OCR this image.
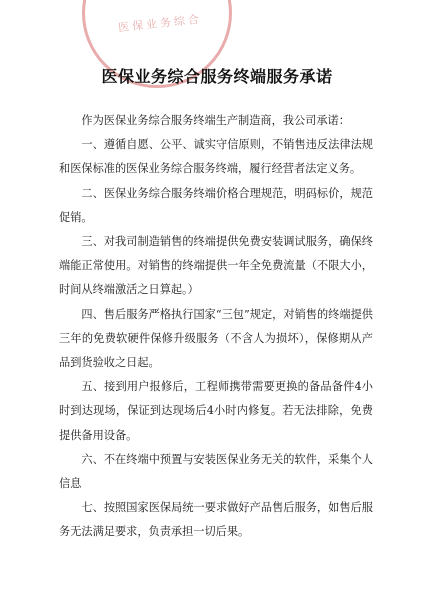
医保业务综合
医保业务综合服务终端服务承诺

作为医保业务综合服务终端生产制造商，我公司承诺：

一、遵循自愿、公平、诚实守信原则，不销售违反法律法规和医保标准的医保业务综合服务终端，履行经营者法定义务。

二、医保业务综合服务终端价格合理规范，明码标价，规范促销。

三、对我司制造销售的终端提供免费安装调试服务，确保终端能正常使用。对销售的终端提供一年全免费流量（不限大小，时间从终端激活之日算起。）

四、售后服务严格执行国家“三包”规定，对销售的终端提供三年的免费软硬件保修升级服务（不含人为损坏），保修期从产品到货验收之日起。

五、接到用户报修后，工程师携带需要更换的备品备件4小时到达现场，保证到达现场后4小时内修复。若无法排除，免费提供备用设备。

六、不在终端中预置与安装医保业务无关的软件，采集个人信息

七、按照国家医保局统一要求做好产品售后服务，如售后服务无法满足要求，负责承担一切后果。
